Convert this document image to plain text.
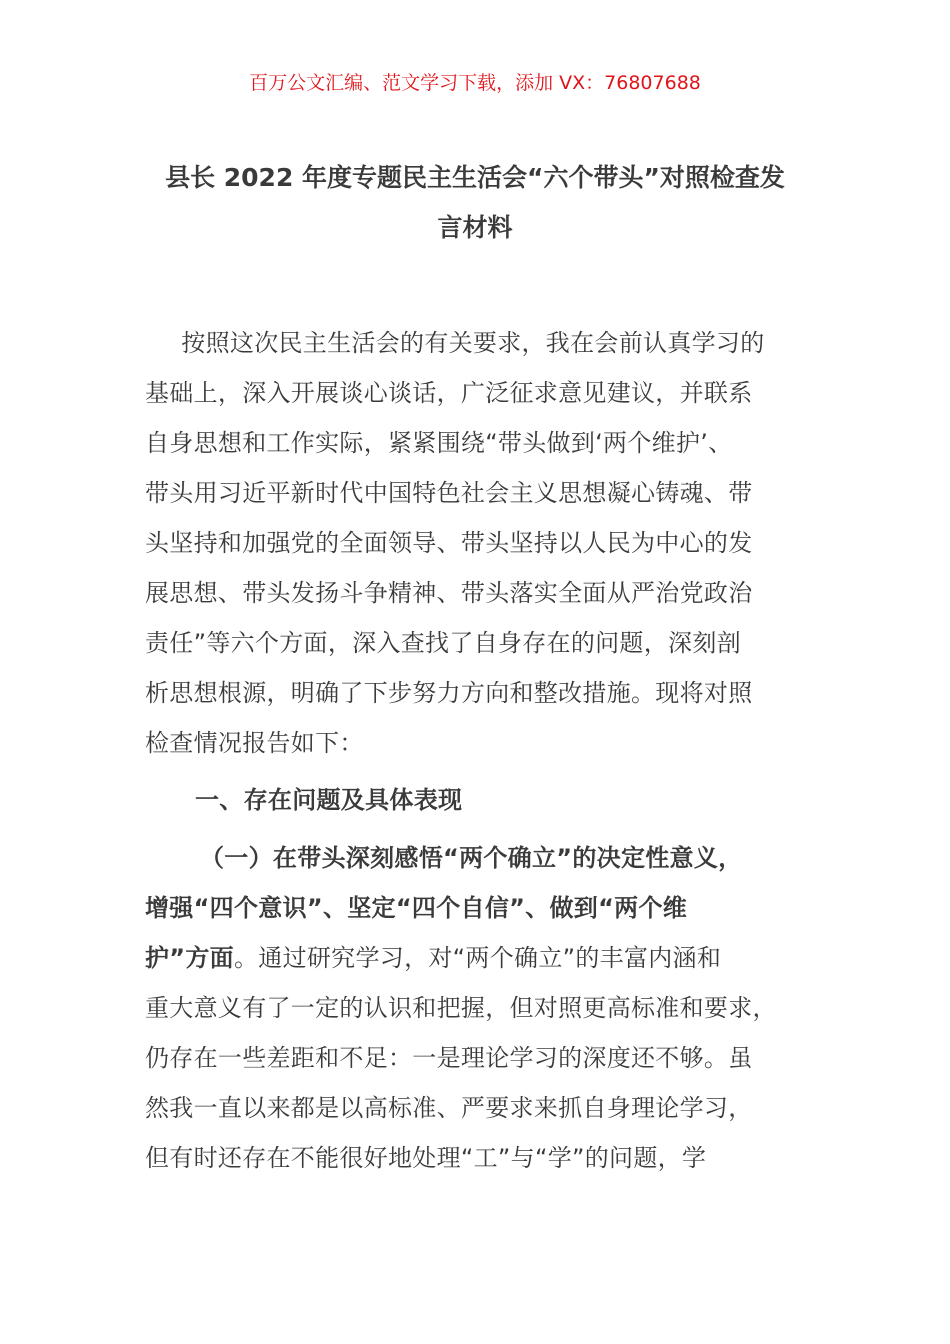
百万公文汇编、范文学习下载，添加 VX：76807688
县长 2022 年度专题民主生活会“六个带头”对照检查发
言材料
　按照这次民主生活会的有关要求，我在会前认真学习的
基础上，深入开展谈心谈话，广泛征求意见建议，并联系
自身思想和工作实际，紧紧围绕“带头做到‘两个维护’、
带头用习近平新时代中国特色社会主义思想凝心铸魂、带
头坚持和加强党的全面领导、带头坚持以人民为中心的发
展思想、带头发扬斗争精神、带头落实全面从严治党政治
责任”等六个方面，深入查找了自身存在的问题，深刻剖
析思想根源，明确了下步努力方向和整改措施。现将对照
检查情况报告如下：
一、存在问题及具体表现
（一）在带头深刻感悟“两个确立”的决定性意义，
增强“四个意识”、坚定“四个自信”、做到“两个维
护”方面。通过研究学习，对“两个确立”的丰富内涵和
重大意义有了一定的认识和把握，但对照更高标准和要求，
仍存在一些差距和不足：一是理论学习的深度还不够。虽
然我一直以来都是以高标准、严要求来抓自身理论学习，
但有时还存在不能很好地处理“工”与“学”的问题，学
